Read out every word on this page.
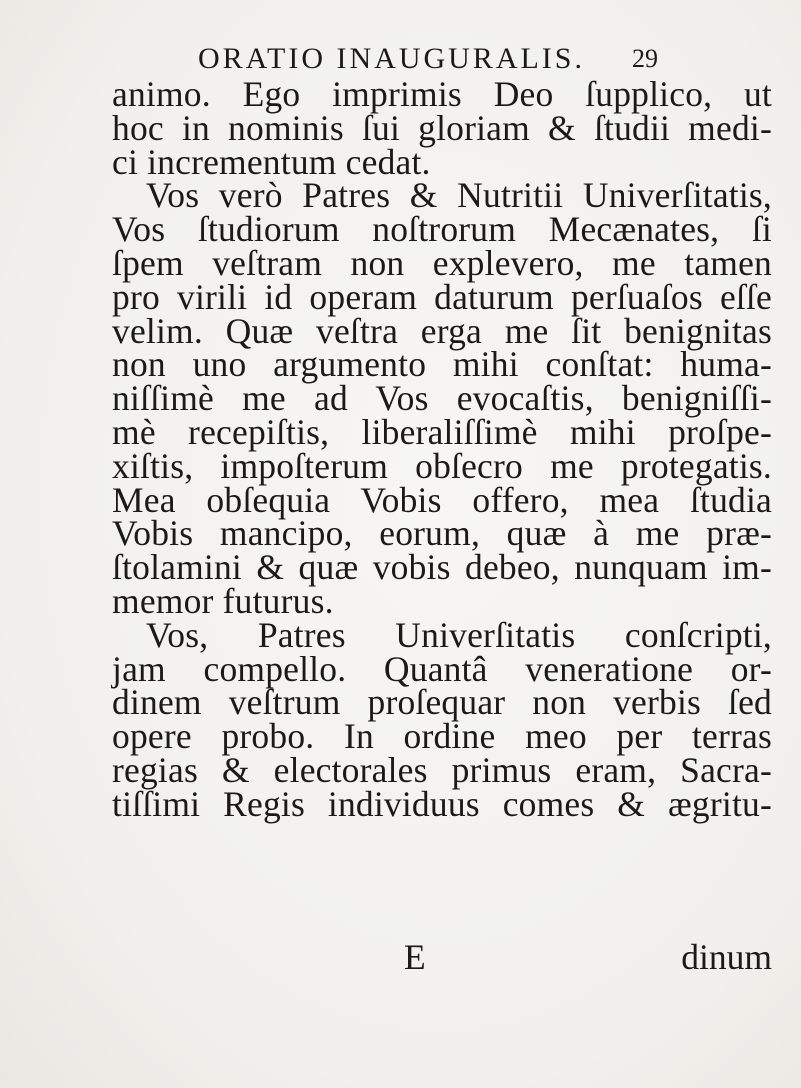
ORATIO INAUGURALIS. 29
animo. Ego imprimis Deo ſupplico, ut
hoc in nominis ſui gloriam & ſtudii medi-
ci incrementum cedat.
Vos verò Patres & Nutritii Univerſitatis,
Vos ſtudiorum noſtrorum Mecænates, ſi
ſpem veſtram non explevero, me tamen
pro virili id operam daturum perſuaſos eſſe
velim. Quæ veſtra erga me ſit benignitas
non uno argumento mihi conſtat: huma-
niſſimè me ad Vos evocaſtis, benigniſſi-
mè recepiſtis, liberaliſſimè mihi proſpe-
xiſtis, impoſterum obſecro me protegatis.
Mea obſequia Vobis offero, mea ſtudia
Vobis mancipo, eorum, quæ à me præ-
ſtolamini & quæ vobis debeo, nunquam im-
memor futurus.
Vos, Patres Univerſitatis conſcripti,
jam compello. Quantâ veneratione or-
dinem veſtrum proſequar non verbis ſed
opere probo. In ordine meo per terras
regias & electorales primus eram, Sacra-
tiſſimi Regis individuus comes & ægritu-
E	dinum
